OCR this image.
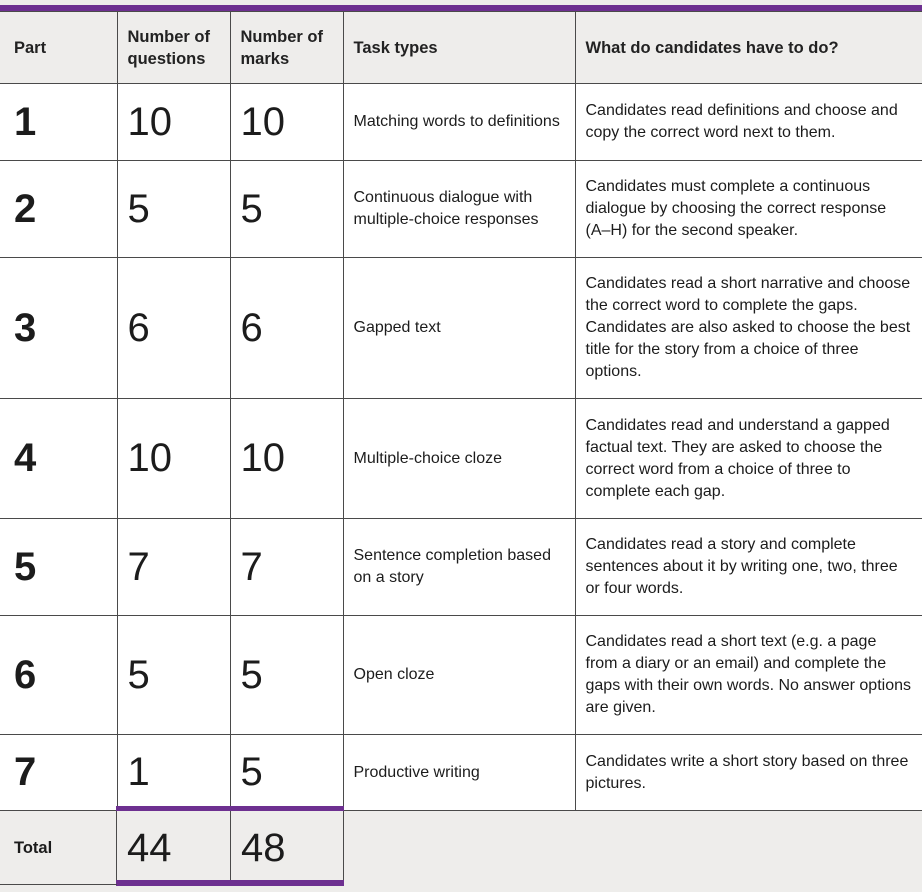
Part	Number of questions	Number of marks	Task types	What do candidates have to do?
1	10	10	Matching words to definitions	Candidates read definitions and choose and copy the correct word next to them.
2	5	5	Continuous dialogue with multiple-choice responses	Candidates must complete a continuous dialogue by choosing the correct response (A–H) for the second speaker.
3	6	6	Gapped text	Candidates read a short narrative and choose the correct word to complete the gaps. Candidates are also asked to choose the best title for the story from a choice of three options.
4	10	10	Multiple-choice cloze	Candidates read and understand a gapped factual text. They are asked to choose the correct word from a choice of three to complete each gap.
5	7	7	Sentence completion based on a story	Candidates read a story and complete sentences about it by writing one, two, three or four words.
6	5	5	Open cloze	Candidates read a short text (e.g. a page from a diary or an email) and complete the gaps with their own words. No answer options are given.
7	1	5	Productive writing	Candidates write a short story based on three pictures.
Total 44	48
